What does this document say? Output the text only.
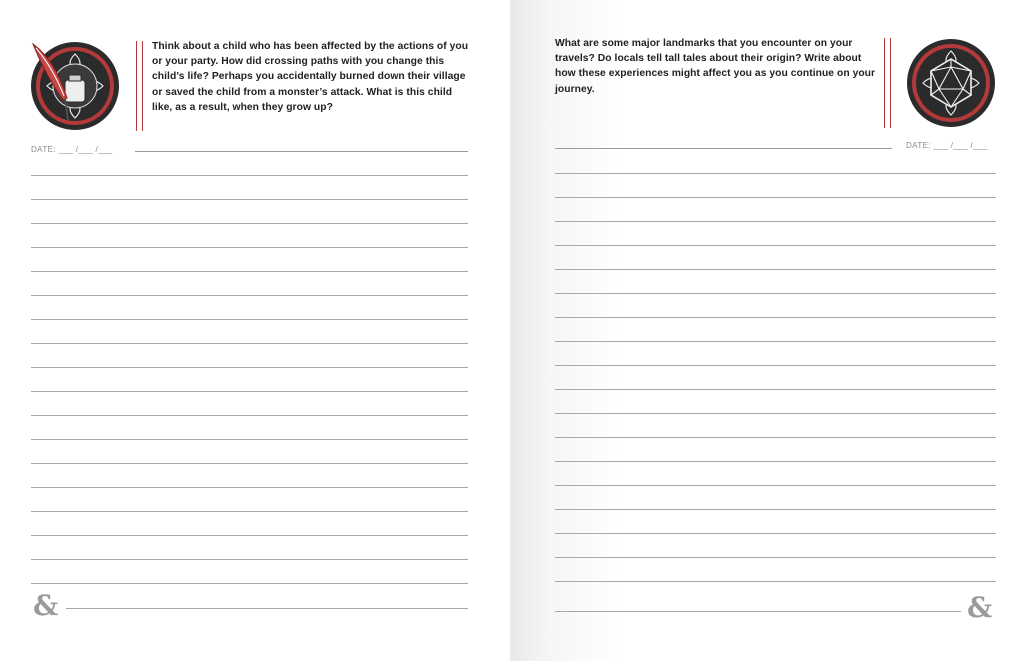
Think about a child who has been affected by the actions of you or your party. How did crossing paths with you change this child’s life? Perhaps you accidentally burned down their village or saved the child from a monster’s attack. What is this child like, as a result, when they grow up?
DATE: ___ /___ /___
&
What are some major landmarks that you encounter on your travels? Do locals tell tall tales about their origin? Write about how these experiences might affect you as you continue on your journey.
DATE: ___ /___ /___
&
